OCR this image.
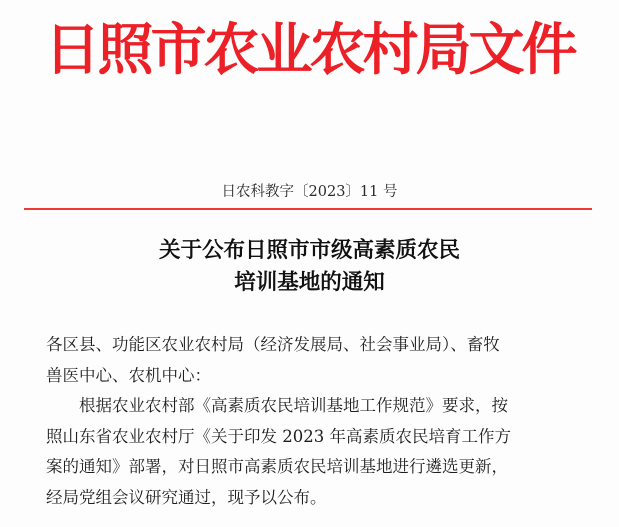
日照市农业农村局文件
日农科教字〔2023〕11 号
关于公布日照市市级高素质农民
培训基地的通知
各区县、功能区农业农村局（经济发展局、社会事业局）、畜牧
兽医中心、农机中心：
根据农业农村部《高素质农民培训基地工作规范》要求，按
照山东省农业农村厅《关于印发 2023 年高素质农民培育工作方
案的通知》部署，对日照市高素质农民培训基地进行遴选更新，
经局党组会议研究通过，现予以公布。
